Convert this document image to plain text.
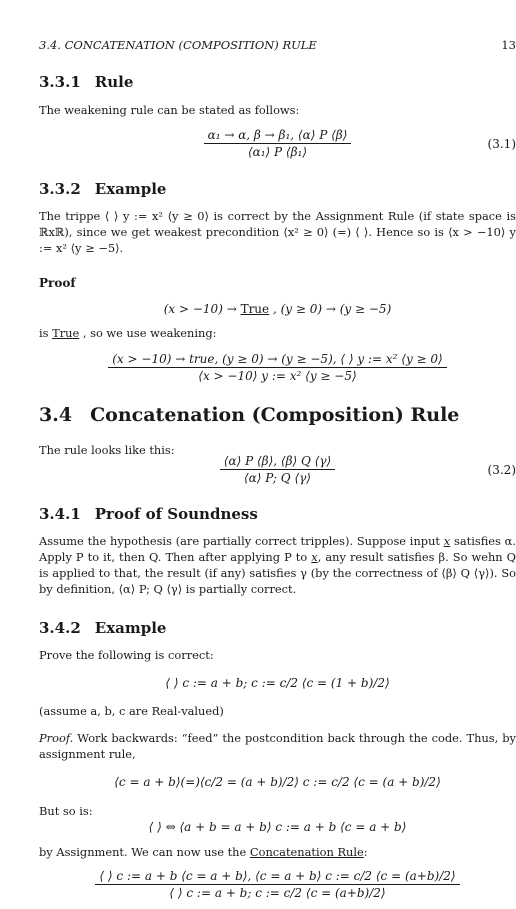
3.4. CONCATENATION (COMPOSITION) RULE	13
3.3.1 Rule
The weakening rule can be stated as follows:
$\frac{\text{α₁ → α, β → β₁, ⟨α⟩ P ⟨β⟩}}{\text{⟨α₁⟩ P ⟨β₁⟩}}$	(3.1)
3.3.2 Example
The trippe ⟨ ⟩ y := x² ⟨y ≥ 0⟩ is correct by the Assignment Rule (if state space is ℝxℝ), since we get weakest precondition ⟨x² ≥ 0⟩ (=) ⟨ ⟩. Hence so is ⟨x > −10⟩ y := x² ⟨y ≥ −5⟩.
Proof
(x > −10) → True , (y ≥ 0) → (y ≥ −5)
is True , so we use weakening:
(x > −10) → true, (y ≥ 0) → (y ≥ −5), ⟨ ⟩ y := x² ⟨y ≥ 0⟩
⟨x > −10⟩ y := x² ⟨y ≥ −5⟩
3.4 Concatenation (Composition) Rule
The rule looks like this:
$\frac{⟨\alpha⟩ P ⟨\beta⟩, ⟨\beta⟩ Q ⟨\gamma⟩}{⟨\alpha⟩ P; Q ⟨\gamma⟩}$	(3.2)
3.4.1 Proof of Soundness
Assume the hypothesis (are partially correct tripples). Suppose input x satisfies α. Apply P to it, then Q. Then after applying P to x, any result satisfies β. So wehn Q is applied to that, the result (if any) satisfies γ (by the correctness of ⟨β⟩ Q ⟨γ⟩). So by definition, ⟨α⟩ P; Q ⟨γ⟩ is partially correct.
3.4.2 Example
Prove the following is correct:
⟨ ⟩ c := a + b; c := c/2 ⟨c = (1 + b)/2⟩
(assume a, b, c are Real-valued)
Proof. Work backwards: “feed” the postcondition back through the code. Thus, by assignment rule,
⟨c = a + b⟩(=)⟨c/2 = (a + b)/2⟩ c := c/2 ⟨c = (a + b)/2⟩
But so is:
⟨ ⟩ ⇔ ⟨a + b = a + b⟩ c := a + b ⟨c = a + b⟩
by Assignment. We can now use the Concatenation Rule:
⟨ ⟩ c := a + b ⟨c = a + b⟩, ⟨c = a + b⟩ c := c/2 ⟨c = (a+b)/2⟩
⟨ ⟩ c := a + b; c := c/2 ⟨c = (a+b)/2⟩
